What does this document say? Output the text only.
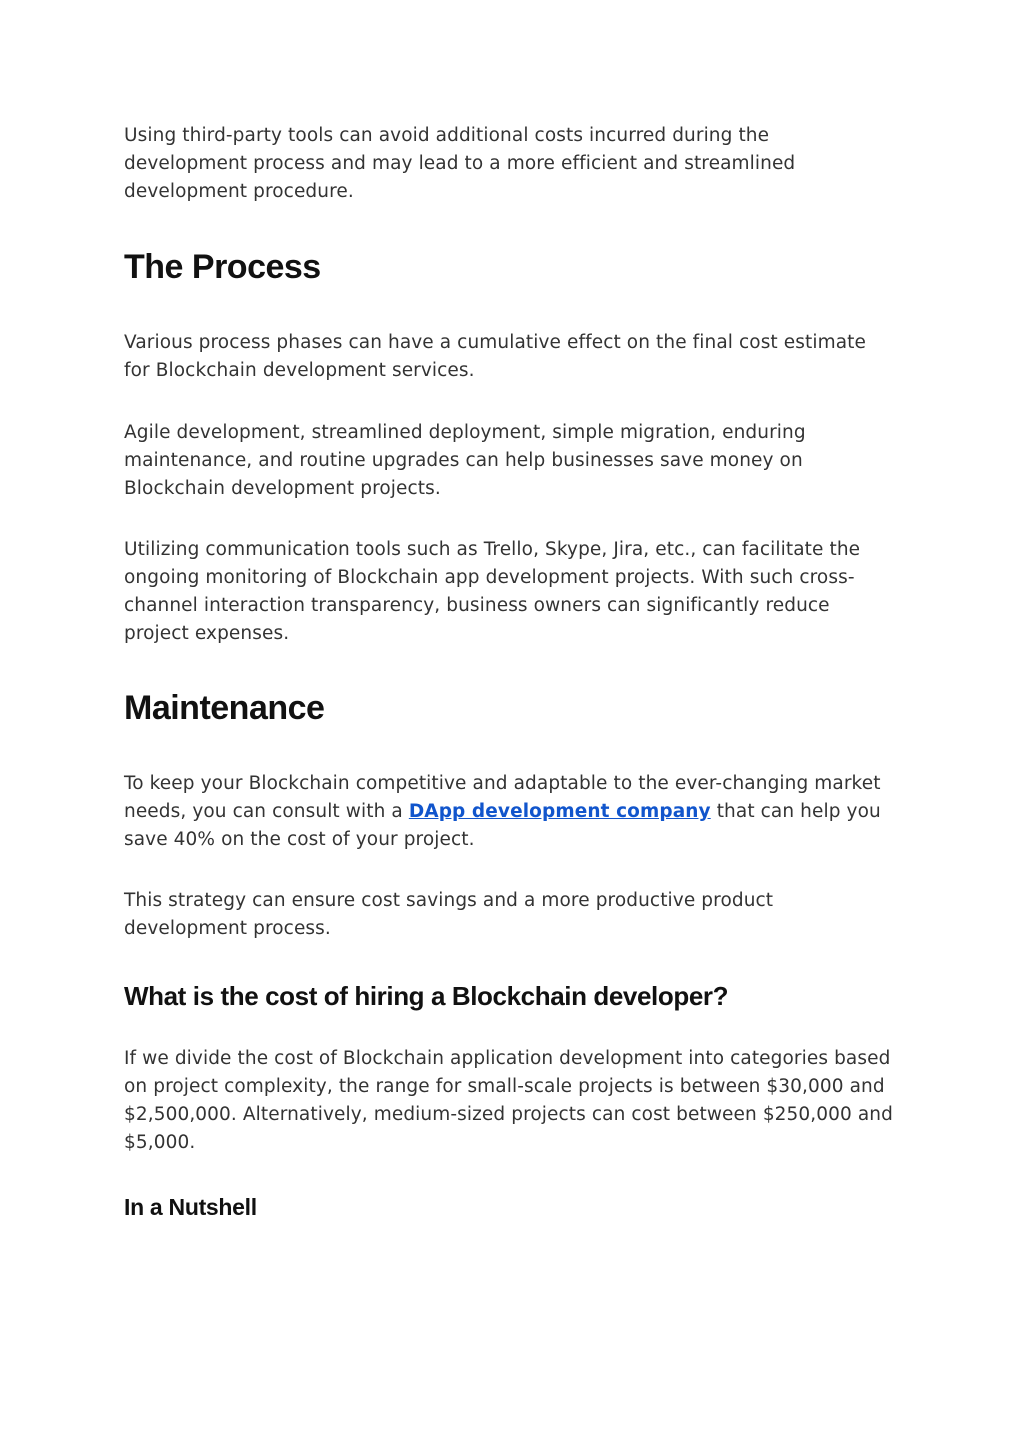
Using third-party tools can avoid additional costs incurred during the development process and may lead to a more efficient and streamlined development procedure.

The Process

Various process phases can have a cumulative effect on the final cost estimate for Blockchain development services.

Agile development, streamlined deployment, simple migration, enduring maintenance, and routine upgrades can help businesses save money on Blockchain development projects.

Utilizing communication tools such as Trello, Skype, Jira, etc., can facilitate the ongoing monitoring of Blockchain app development projects. With such cross-channel interaction transparency, business owners can significantly reduce project expenses.

Maintenance

To keep your Blockchain competitive and adaptable to the ever-changing market needs, you can consult with a DApp development company that can help you save 40% on the cost of your project.

This strategy can ensure cost savings and a more productive product development process.

What is the cost of hiring a Blockchain developer?

If we divide the cost of Blockchain application development into categories based on project complexity, the range for small-scale projects is between $30,000 and $2,500,000. Alternatively, medium-sized projects can cost between $250,000 and $5,000.

In a Nutshell
